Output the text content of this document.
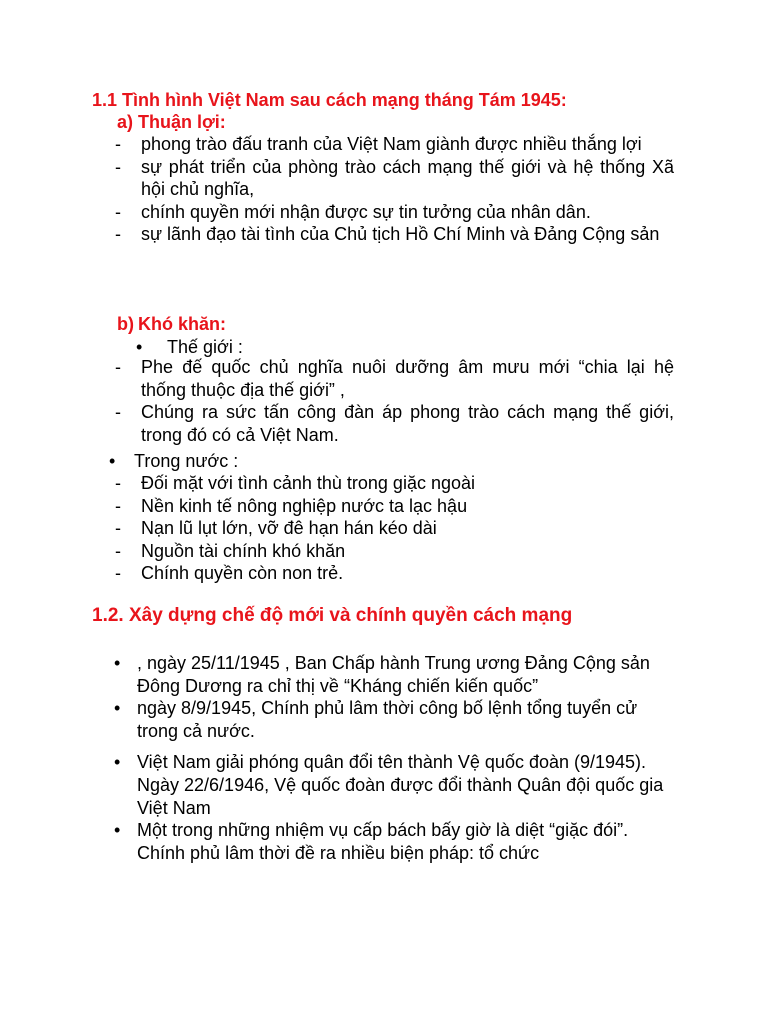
1.1 Tình hình Việt Nam sau cách mạng tháng Tám 1945:
a) Thuận lợi:
- phong trào đấu tranh của Việt Nam giành được nhiều thắng lợi
- sự phát triển của phòng trào cách mạng thế giới và hệ thống Xã hội chủ nghĩa,
- chính quyền mới nhận được sự tin tưởng của nhân dân.
- sự lãnh đạo tài tình của Chủ tịch Hồ Chí Minh và Đảng Cộng sản
b) Khó khăn:
• Thế giới :
- Phe đế quốc chủ nghĩa nuôi dưỡng âm mưu mới “chia lại hệ thống thuộc địa thế giới” ,
- Chúng ra sức tấn công đàn áp phong trào cách mạng thế giới, trong đó có cả Việt Nam.
• Trong nước :
- Đối mặt với tình cảnh thù trong giặc ngoài
- Nền kinh tế nông nghiệp nước ta lạc hậu
- Nạn lũ lụt lớn, vỡ đê hạn hán kéo dài
- Nguồn tài chính khó khăn
- Chính quyền còn non trẻ.
1.2. Xây dựng chế độ mới và chính quyền cách mạng
• , ngày 25/11/1945 , Ban Chấp hành Trung ương Đảng Cộng sản Đông Dương ra chỉ thị về “Kháng chiến kiến quốc”
• ngày 8/9/1945, Chính phủ lâm thời công bố lệnh tổng tuyển cử trong cả nước.
• Việt Nam giải phóng quân đổi tên thành Vệ quốc đoàn (9/1945). Ngày 22/6/1946, Vệ quốc đoàn được đổi thành Quân đội quốc gia Việt Nam
• Một trong những nhiệm vụ cấp bách bấy giờ là diệt “giặc đói”. Chính phủ lâm thời đề ra nhiều biện pháp: tổ chức
